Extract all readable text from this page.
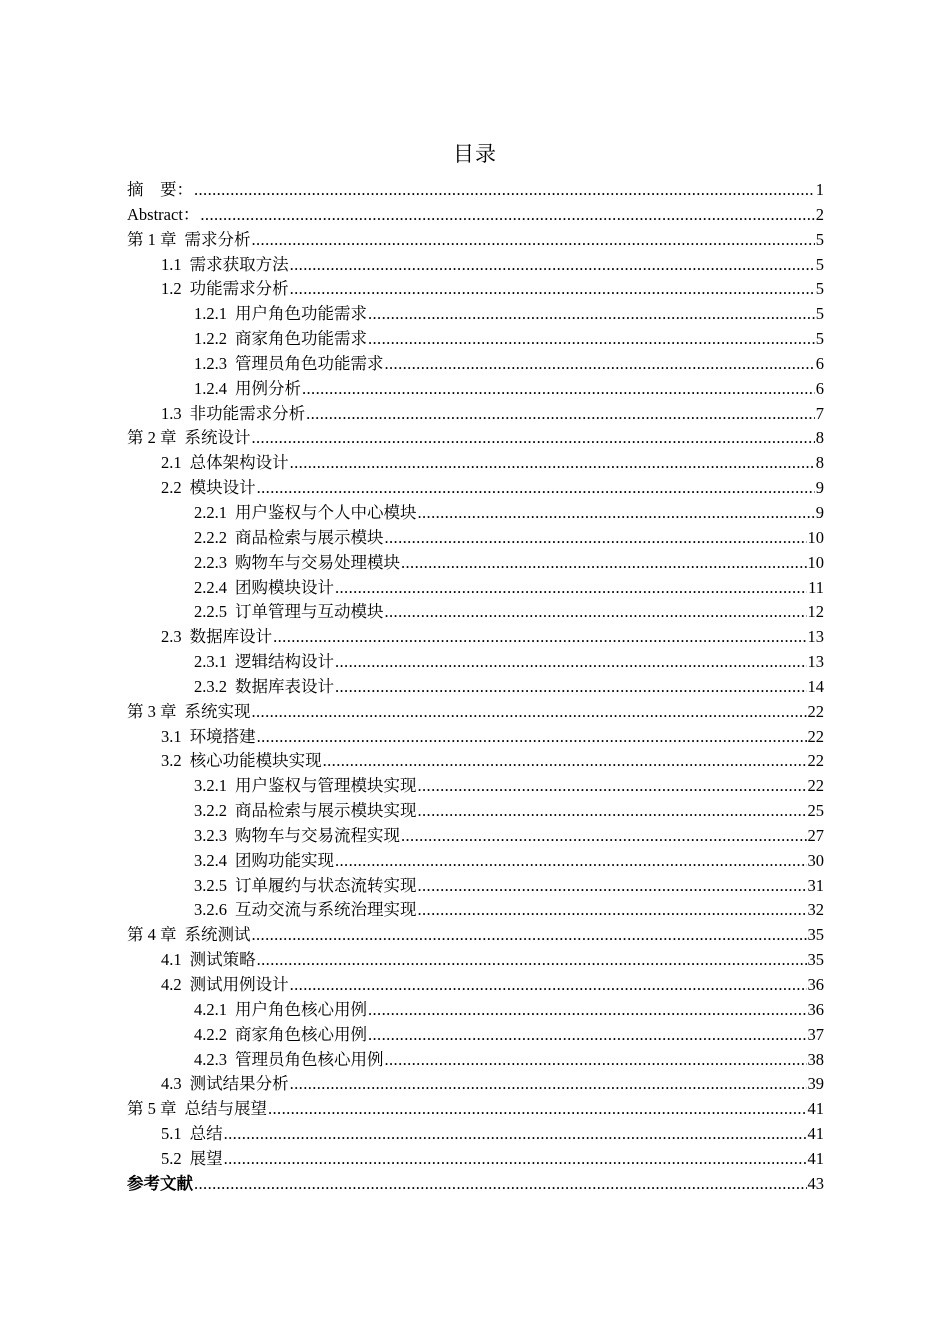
目录
摘　要： .....	1
Abstract： .....	2
第 1 章 需求分析 .....	5
1.1 需求获取方法 .....	5
1.2 功能需求分析 .....	5
1.2.1 用户角色功能需求 .....	5
1.2.2 商家角色功能需求 .....	5
1.2.3 管理员角色功能需求 .....	6
1.2.4 用例分析 .....	6
1.3 非功能需求分析 .....	7
第 2 章 系统设计 .....	8
2.1 总体架构设计 .....	8
2.2 模块设计 .....	9
2.2.1 用户鉴权与个人中心模块 .....	9
2.2.2 商品检索与展示模块 .....	10
2.2.3 购物车与交易处理模块 .....	10
2.2.4 团购模块设计 .....	11
2.2.5 订单管理与互动模块 .....	12
2.3 数据库设计 .....	13
2.3.1 逻辑结构设计 .....	13
2.3.2 数据库表设计 .....	14
第 3 章 系统实现 .....	22
3.1 环境搭建 .....	22
3.2 核心功能模块实现 .....	22
3.2.1 用户鉴权与管理模块实现 .....	22
3.2.2 商品检索与展示模块实现 .....	25
3.2.3 购物车与交易流程实现 .....	27
3.2.4 团购功能实现 .....	30
3.2.5 订单履约与状态流转实现 .....	31
3.2.6 互动交流与系统治理实现 .....	32
第 4 章 系统测试 .....	35
4.1 测试策略 .....	35
4.2 测试用例设计 .....	36
4.2.1 用户角色核心用例 .....	36
4.2.2 商家角色核心用例 .....	37
4.2.3 管理员角色核心用例 .....	38
4.3 测试结果分析 .....	39
第 5 章 总结与展望 .....	41
5.1 总结 .....	41
5.2 展望 .....	41
参考文献 .....	43
